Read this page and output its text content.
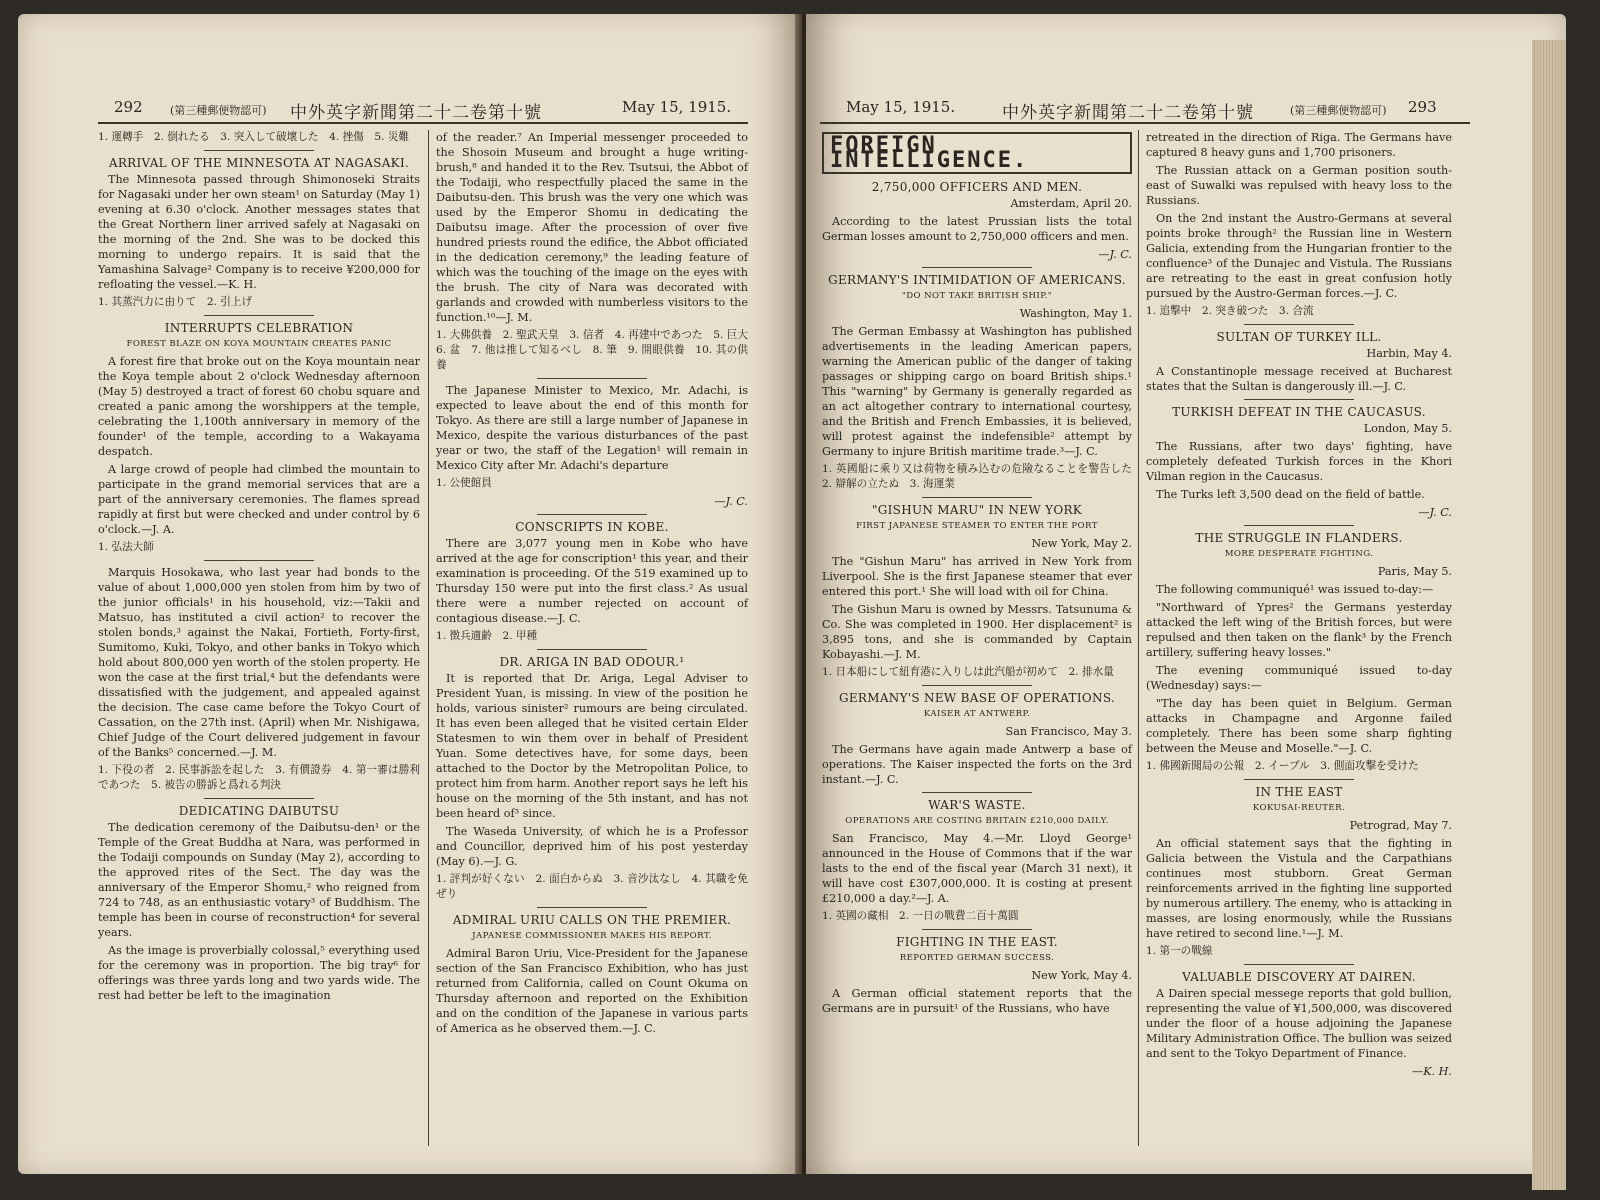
292 (第三種郵便物認可) 中外英字新聞第二十二卷第十號	May 15, 1915.

1. 運轉手　2. 倒れたる　3. 突入して破壞した　4. 挫傷　5. 災難

ARRIVAL OF THE MINNESOTA AT NAGASAKI.

The Minnesota passed through Shimonoseki Straits for Nagasaki under her own steam¹ on Saturday (May 1) evening at 6.30 o'clock. Another messages states that the Great Northern liner arrived safely at Nagasaki on the morning of the 2nd. She was to be docked this morning to undergo repairs. It is said that the Yamashina Salvage² Company is to receive ¥200,000 for refloating the vessel.—K. H.

1. 其蒸汽力に由りて　2. 引上げ

INTERRUPTS CELEBRATION
FOREST BLAZE ON KOYA MOUNTAIN CREATES PANIC

A forest fire that broke out on the Koya mountain near the Koya temple about 2 o'clock Wednesday afternoon (May 5) destroyed a tract of forest 60 chobu square and created a panic among the worshippers at the temple, celebrating the 1,100th anniversary in memory of the founder¹ of the temple, according to a Wakayama despatch.

A large crowd of people had climbed the mountain to participate in the grand memorial services that are a part of the anniversary ceremonies. The flames spread rapidly at first but were checked and under control by 6 o'clock.—J. A.

1. 弘法大師

Marquis Hosokawa, who last year had bonds to the value of about 1,000,000 yen stolen from him by two of the junior officials¹ in his household, viz:—Takii and Matsuo, has instituted a civil action² to recover the stolen bonds,³ against the Nakai, Fortieth, Forty-first, Sumitomo, Kuki, Tokyo, and other banks in Tokyo which hold about 800,000 yen worth of the stolen property. He won the case at the first trial,⁴ but the defendants were dissatisfied with the judgement, and appealed against the decision. The case came before the Tokyo Court of Cassation, on the 27th inst. (April) when Mr. Nishigawa, Chief Judge of the Court delivered judgement in favour of the Banks⁵ concerned.—J. M.

1. 下役の者　2. 民事訴訟を起した　3. 有價證券　4. 第一審は勝利であつた　5. 被告の勝訴と爲れる判決

DEDICATING DAIBUTSU

The dedication ceremony of the Daibutsu-den¹ or the Temple of the Great Buddha at Nara, was performed in the Todaiji compounds on Sunday (May 2), according to the approved rites of the Sect. The day was the anniversary of the Emperor Shomu,² who reigned from 724 to 748, as an enthusiastic votary³ of Buddhism. The temple has been in course of reconstruction⁴ for several years.

As the image is proverbially colossal,⁵ everything used for the ceremony was in proportion. The big tray⁶ for offerings was three yards long and two yards wide. The rest had better be left to the imagination

of the reader.⁷ An Imperial messenger proceeded to the Shosoin Museum and brought a huge writing-brush,⁸ and handed it to the Rev. Tsutsui, the Abbot of the Todaiji, who respectfully placed the same in the Daibutsu-den. This brush was the very one which was used by the Emperor Shomu in dedicating the Daibutsu image. After the procession of over five hundred priests round the edifice, the Abbot officiated in the dedication ceremony,⁹ the leading feature of which was the touching of the image on the eyes with the brush. The city of Nara was decorated with garlands and crowded with numberless visitors to the function.¹⁰—J. M.

1. 大佛供養　2. 聖武天皇　3. 信者　4. 再建中であつた　5. 巨大　6. 盆　7. 他は推して知るべし　8. 筆　9. 開眼供養　10. 其の供養

The Japanese Minister to Mexico, Mr. Adachi, is expected to leave about the end of this month for Tokyo. As there are still a large number of Japanese in Mexico, despite the various disturbances of the past year or two, the staff of the Legation¹ will remain in Mexico City after Mr. Adachi's departure

1. 公使館員

—J. C.

CONSCRIPTS IN KOBE.

There are 3,077 young men in Kobe who have arrived at the age for conscription¹ this year, and their examination is proceeding. Of the 519 examined up to Thursday 150 were put into the first class.² As usual there were a number rejected on account of contagious disease.—J. C.

1. 徴兵適齢　2. 甲種

DR. ARIGA IN BAD ODOUR.¹

It is reported that Dr. Ariga, Legal Adviser to President Yuan, is missing. In view of the position he holds, various sinister² rumours are being circulated. It has even been alleged that he visited certain Elder Statesmen to win them over in behalf of President Yuan. Some detectives have, for some days, been attached to the Doctor by the Metropolitan Police, to protect him from harm. Another report says he left his house on the morning of the 5th instant, and has not been heard of³ since.

The Waseda University, of which he is a Professor and Councillor, deprived him of his post yesterday (May 6).—J. G.

1. 評判が好くない　2. 面白からぬ　3. 音沙汰なし　4. 其職を免ぜり

ADMIRAL URIU CALLS ON THE PREMIER.
JAPANESE COMMISSIONER MAKES HIS REPORT.

Admiral Baron Uriu, Vice-President for the Japanese section of the San Francisco Exhibition, who has just returned from California, called on Count Okuma on Thursday afternoon and reported on the Exhibition and on the condition of the Japanese in various parts of America as he observed them.—J. C.

May 15, 1915.	中外英字新聞第二十二卷第十號	(第三種郵便物認可) 293
FOREIGN INTELLIGENCE.
2,750,000 OFFICERS AND MEN.

Amsterdam, April 20.

According to the latest Prussian lists the total German losses amount to 2,750,000 officers and men.

—J. C.

GERMANY'S INTIMIDATION OF AMERICANS.
"DO NOT TAKE BRITISH SHIP."

Washington, May 1.

The German Embassy at Washington has published advertisements in the leading American papers, warning the American public of the danger of taking passages or shipping cargo on board British ships.¹ This "warning" by Germany is generally regarded as an act altogether contrary to international courtesy, and the British and French Embassies, it is believed, will protest against the indefensible² attempt by Germany to injure British maritime trade.³—J. C.

1. 英國船に乘り又は荷物を積み込むの危險なることを警告した　2. 辯解の立たぬ　3. 海運業

"GISHUN MARU" IN NEW YORK
FIRST JAPANESE STEAMER TO ENTER THE PORT

New York, May 2.

The "Gishun Maru" has arrived in New York from Liverpool. She is the first Japanese steamer that ever entered this port.¹ She will load with oil for China.

The Gishun Maru is owned by Messrs. Tatsunuma & Co. She was completed in 1900. Her displacement² is 3,895 tons, and she is commanded by Captain Kobayashi.—J. M.

1. 日本船にして紐育港に入りしは此汽船が初めて　2. 排水量

GERMANY'S NEW BASE OF OPERATIONS.
KAISER AT ANTWERP.

San Francisco, May 3.

The Germans have again made Antwerp a base of operations. The Kaiser inspected the forts on the 3rd instant.—J. C.

WAR'S WASTE.
OPERATIONS ARE COSTING BRITAIN £210,000 DAILY.

San Francisco, May 4.—Mr. Lloyd George¹ announced in the House of Commons that if the war lasts to the end of the fiscal year (March 31 next), it will have cost £307,000,000. It is costing at present £210,000 a day.²—J. A.

1. 英國の藏相　2. 一日の戰費二百十萬圓

FIGHTING IN THE EAST.
REPORTED GERMAN SUCCESS.

New York, May 4.

A German official statement reports that the Germans are in pursuit¹ of the Russians, who have

retreated in the direction of Riga. The Germans have captured 8 heavy guns and 1,700 prisoners.

The Russian attack on a German position south-east of Suwalki was repulsed with heavy loss to the Russians.

On the 2nd instant the Austro-Germans at several points broke through² the Russian line in Western Galicia, extending from the Hungarian frontier to the confluence³ of the Dunajec and Vistula. The Russians are retreating to the east in great confusion hotly pursued by the Austro-German forces.—J. C.

1. 追擊中　2. 突き破つた　3. 合流

SULTAN OF TURKEY ILL.

Harbin, May 4.

A Constantinople message received at Bucharest states that the Sultan is dangerously ill.—J. C.

TURKISH DEFEAT IN THE CAUCASUS.

London, May 5.

The Russians, after two days' fighting, have completely defeated Turkish forces in the Khori Vilman region in the Caucasus.

The Turks left 3,500 dead on the field of battle.

—J. C.

THE STRUGGLE IN FLANDERS.
MORE DESPERATE FIGHTING.

Paris, May 5.

The following communiqué¹ was issued to-day:—

"Northward of Ypres² the Germans yesterday attacked the left wing of the British forces, but were repulsed and then taken on the flank³ by the French artillery, suffering heavy losses."

The evening communiqué issued to-day (Wednesday) says:—

"The day has been quiet in Belgium. German attacks in Champagne and Argonne failed completely. There has been some sharp fighting between the Meuse and Moselle."—J. C.

1. 佛國新聞局の公報　2. イープル　3. 側面攻擊を受けた

IN THE EAST
KOKUSAI-REUTER.

Petrograd, May 7.

An official statement says that the fighting in Galicia between the Vistula and the Carpathians continues most stubborn. Great German reinforcements arrived in the fighting line supported by numerous artillery. The enemy, who is attacking in masses, are losing enormously, while the Russians have retired to second line.¹—J. M.

1. 第一の戰線

VALUABLE DISCOVERY AT DAIREN.

A Dairen special messege reports that gold bullion, representing the value of ¥1,500,000, was discovered under the floor of a house adjoining the Japanese Military Administration Office. The bullion was seized and sent to the Tokyo Department of Finance.

—K. H.
